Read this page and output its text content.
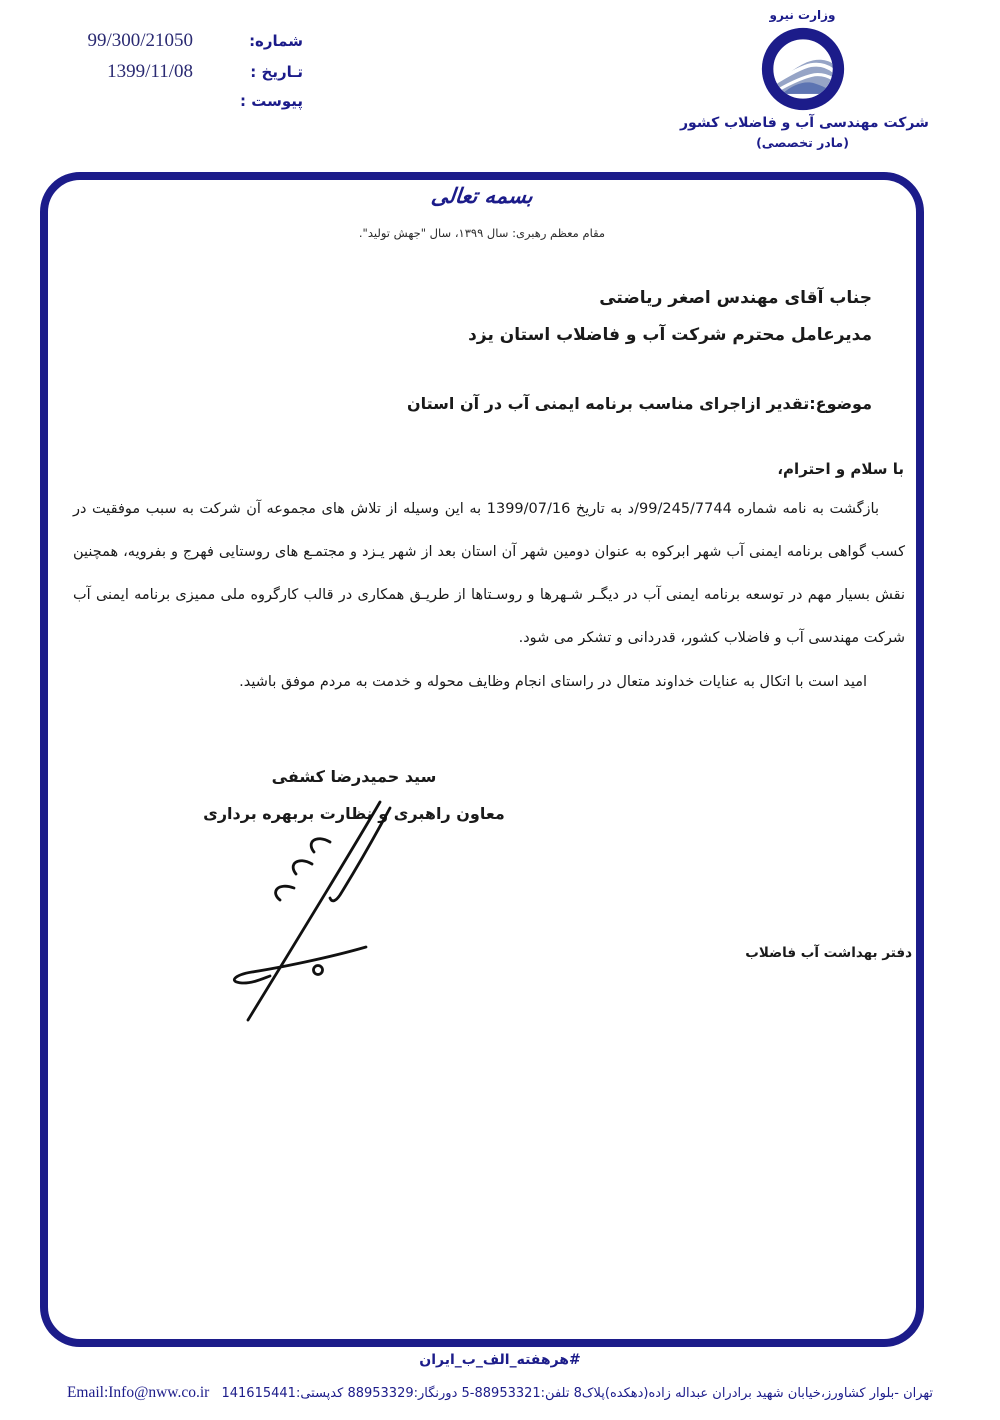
99/300/21050	شماره:
1399/11/08	تـاریخ :
پیوست :
وزارت نیرو
شرکت مهندسی آب و فاضلاب کشور
(مادر تخصصی)
بسمه تعالی
مقام معظم رهبری: سال ۱۳۹۹، سال "جهش تولید".
جناب آقای مهندس اصغر ریاضتی
مدیرعامل محترم شرکت آب و فاضلاب استان یزد
موضوع:تقدیر ازاجرای مناسب برنامه ایمنی آب در آن استان
با سلام و احترام،

بازگشت به نامه شماره 99/245/7744/د به تاریخ 1399/07/16 به این وسیله از تلاش های مجموعه آن شرکت به سبب موفقیت در کسب گواهی برنامه ایمنی آب شهر ابرکوه به عنوان دومین شهر آن استان بعد از شهر یـزد و مجتمـع های روستایی فهرج و بفرویه، همچنین نقش بسیار مهم در توسعه برنامه ایمنی آب در دیگـر شـهرها و روسـتاها از طریـق همکاری در قالب کارگروه ملی ممیزی برنامه ایمنی آب شرکت مهندسی آب و فاضلاب کشور، قدردانی و تشکر می شود.

امید است با اتکال به عنایات خداوند متعال در راستای انجام وظایف محوله و خدمت به مردم موفق باشید.

سید حمیدرضا کشفی
معاون راهبری و نظارت بربهره برداری
دفتر بهداشت آب فاضلاب
#هرهفته_الف_ب_ایران
تهران -بلوار کشاورز،خیابان شهید برادران عبداله زاده(دهکده)پلاک8 تلفن:88953321-5 دورنگار:88953329 کدپستی:141615441 Email:Info@nww.co.ir
